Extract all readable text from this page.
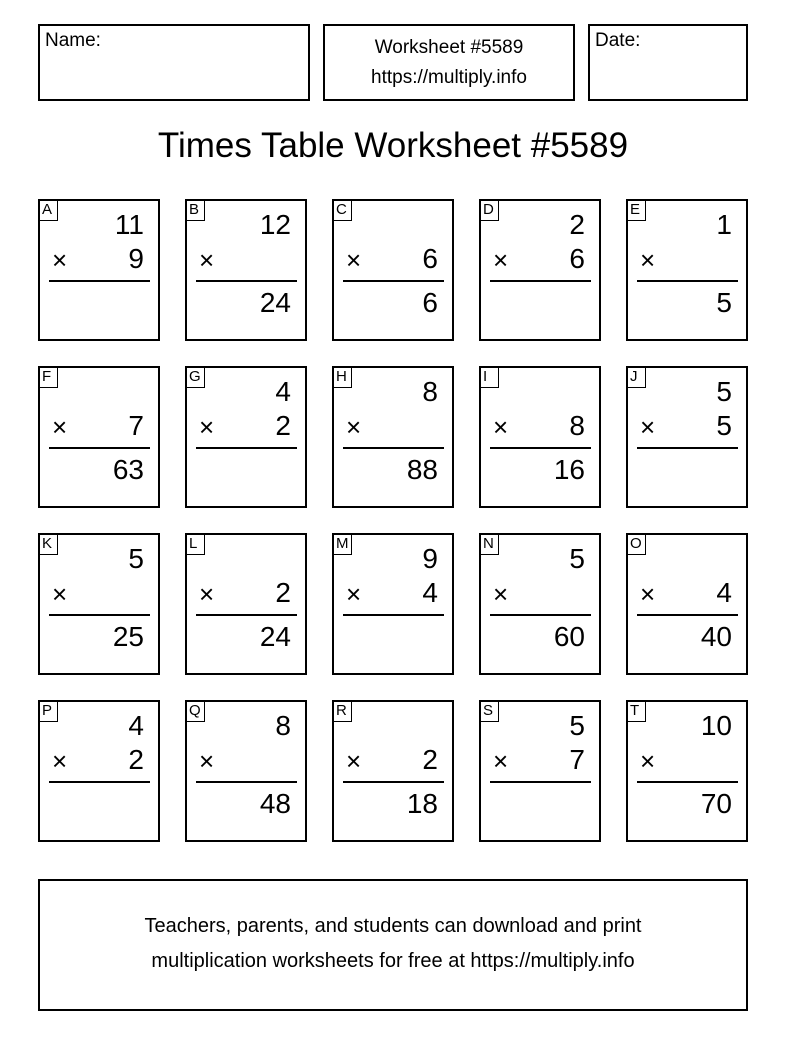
Name:	Worksheet #5589
https://multiply.info
Date:
Times Table Worksheet #5589
A 11
× 9
B 12
×
24
C
× 6
6
D	2
× 6
E	1
×
5
F
× 7
63
G	4
× 2
H	8
×
88
I
× 8
16
J	5
× 5
K	5
×
25
L
× 2
24
M	9
× 4
N	5
×
60
O
× 4
40
P	4
× 2
Q	8
×
48
R
× 2
18
S	5
× 7
T 10
×
70
Teachers, parents, and students can download and print
multiplication worksheets for free at https://multiply.info
